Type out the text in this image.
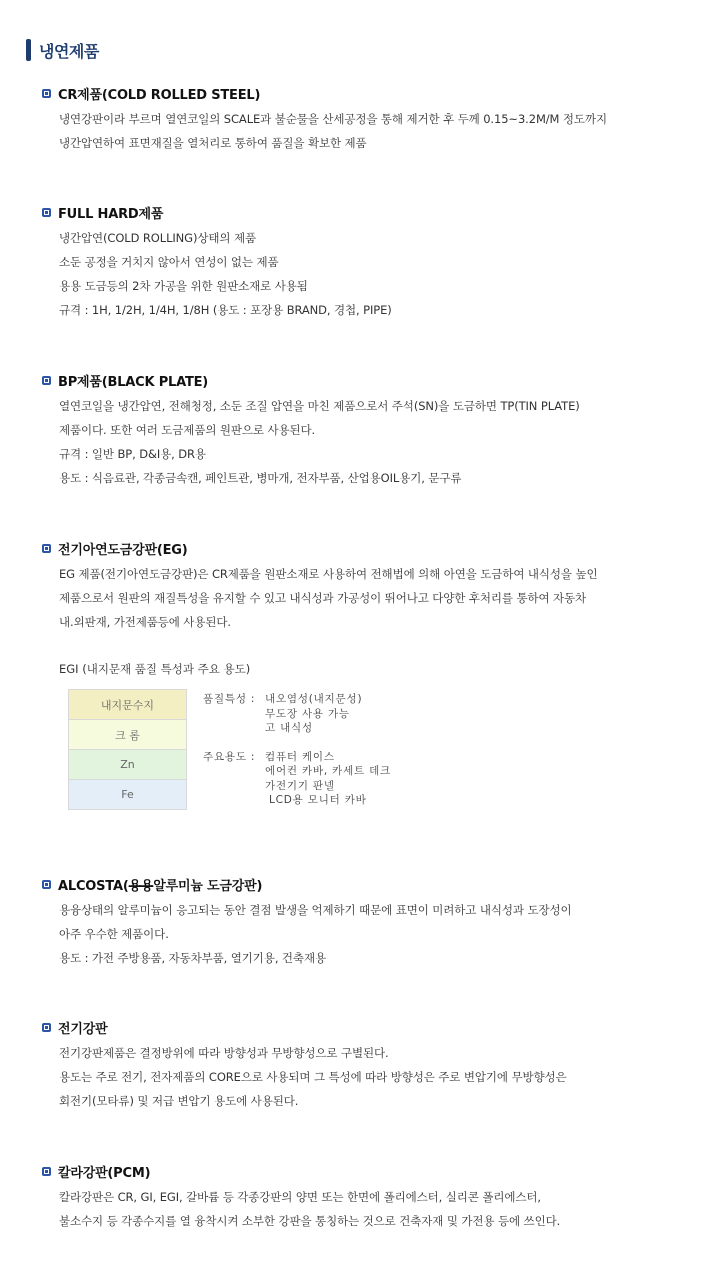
냉연제품
CR제품(COLD ROLLED STEEL)
냉연강판이라 부르며 열연코일의 SCALE과 불순물을 산세공정을 통해 제거한 후 두께 0.15~3.2M/M 정도까지
냉간압연하여 표면재질을 열처리로 통하여 품질을 확보한 제품
FULL HARD제품
냉간압연(COLD ROLLING)상태의 제품
소둔 공정을 거치지 않아서 연성이 없는 제품
용용 도금등의 2차 가공을 위한 원판소재로 사용됨
규격 : 1H, 1/2H, 1/4H, 1/8H (용도 : 포장용 BRAND, 경첩, PIPE)
BP제품(BLACK PLATE)
열연코일을 냉간압연, 전해청정, 소둔 조질 압연을 마친 제품으로서 주석(SN)을 도금하면 TP(TIN PLATE)
제품이다. 또한 여러 도금제품의 원판으로 사용된다.
규격 : 일반 BP, D&I용, DR용
용도 : 식음료관, 각종금속캔, 페인트관, 병마개, 전자부품, 산업용OIL용기, 문구류
전기아연도금강판(EG)
EG 제품(전기아연도금강판)은 CR제품을 원판소재로 사용하여 전해법에 의해 아연을 도금하여 내식성을 높인
제품으로서 원판의 재질특성을 유지할 수 있고 내식성과 가공성이 뛰어나고 다양한 후처리를 통하여 자동차
내.외판재, 가전제품등에 사용된다.
EGI (내지문재 품질 특성과 주요 용도)
내지문수지
크 롬
Zn
Fe
품질특성 : 내오염성(내지문성)
무도장 사용 가능
고 내식성
주요용도 : 컴퓨터 케이스
에어컨 카바, 카세트 데크
가전기기 판넬
LCD용 모니터 카바
ALCOSTA(용용알루미늄 도금강판)
용융상태의 알루미늄이 응고되는 동안 결점 발생을 억제하기 때문에 표면이 미려하고 내식성과 도장성이
아주 우수한 제품이다.
용도 : 가전 주방용품, 자동차부품, 열기기용, 건축재용
전기강판
전기강판제품은 결정방위에 따라 방향성과 무방향성으로 구별된다.
용도는 주로 전기, 전자제품의 CORE으로 사용되며 그 특성에 따라 방향성은 주로 변압기에 무방향성은
회전기(모타류) 및 저급 변압기 용도에 사용된다.
칼라강판(PCM)
칼라강판은 CR, GI, EGI, 갈바륨 등 각종강판의 양면 또는 한면에 폴리에스터, 실리콘 폴리에스터,
불소수지 등 각종수지를 열 융착시켜 소부한 강판을 통칭하는 것으로 건축자재 및 가전용 등에 쓰인다.
